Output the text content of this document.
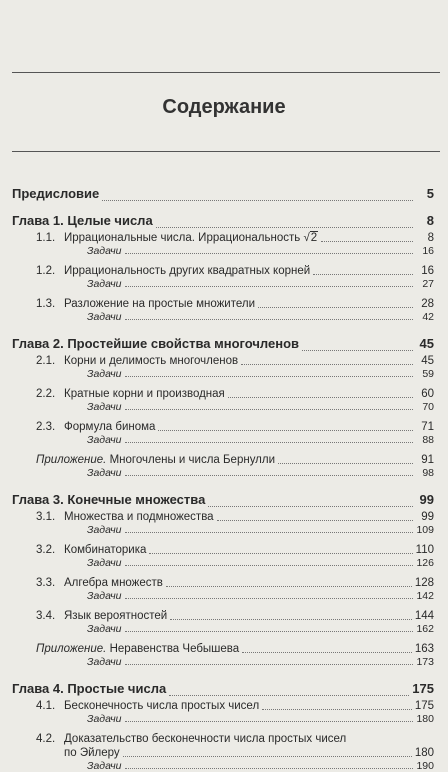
Содержание
Предисловие	5
Глава 1. Целые числа	8
1.1. Иррациональные числа. Иррациональность √2	8
Задачи	16
1.2. Иррациональность других квадратных корней	16
Задачи	27
1.3. Разложение на простые множители	28
Задачи	42
Глава 2. Простейшие свойства многочленов	45
2.1. Корни и делимость многочленов	45
Задачи	59
2.2. Кратные корни и производная	60
Задачи	70
2.3. Формула бинома	71
Задачи	88
Приложение. Многочлены и числа Бернулли	91
Задачи	98
Глава 3. Конечные множества	99
3.1. Множества и подмножества	99
Задачи	109
3.2. Комбинаторика	110
Задачи	126
3.3. Алгебра множеств	128
Задачи	142
3.4. Язык вероятностей	144
Задачи	162
Приложение. Неравенства Чебышева	163
Задачи	173
Глава 4. Простые числа	175
4.1. Бесконечность числа простых чисел	175
Задачи	180
4.2. Доказательство бесконечности числа простых чисел
по Эйлеру	180
Задачи	190
